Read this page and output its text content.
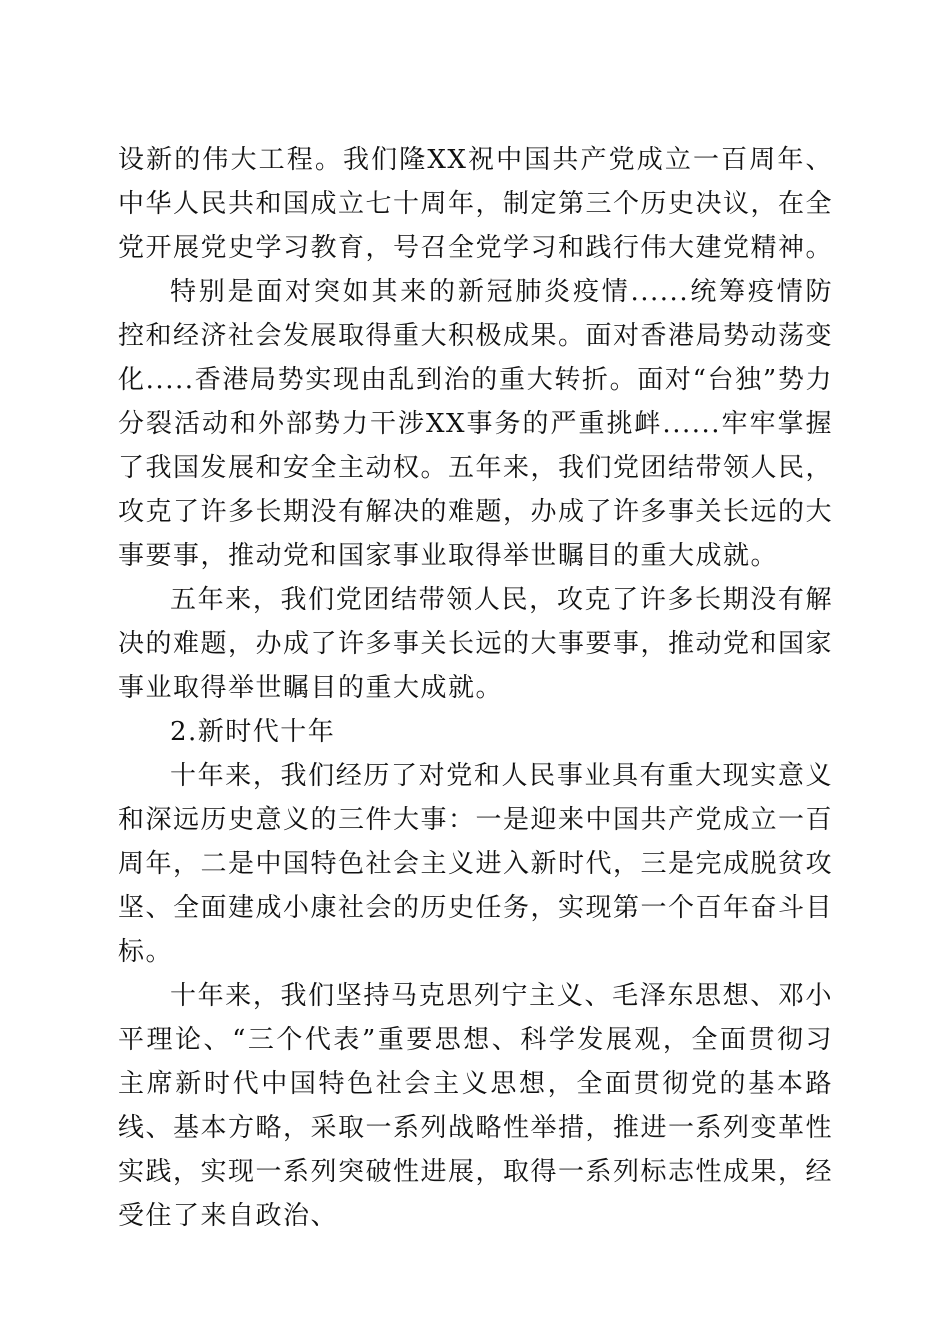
设新的伟大工程。我们隆XX祝中国共产党成立一百周年、中华人民共和国成立七十周年，制定第三个历史决议，在全党开展党史学习教育，号召全党学习和践行伟大建党精神。

特别是面对突如其来的新冠肺炎疫情......统筹疫情防控和经济社会发展取得重大积极成果。面对香港局势动荡变化.....香港局势实现由乱到治的重大转折。面对“台独”势力分裂活动和外部势力干涉XX事务的严重挑衅......牢牢掌握了我国发展和安全主动权。五年来，我们党团结带领人民，攻克了许多长期没有解决的难题，办成了许多事关长远的大事要事，推动党和国家事业取得举世瞩目的重大成就。

五年来，我们党团结带领人民，攻克了许多长期没有解决的难题，办成了许多事关长远的大事要事，推动党和国家事业取得举世瞩目的重大成就。

2.新时代十年

十年来，我们经历了对党和人民事业具有重大现实意义和深远历史意义的三件大事：一是迎来中国共产党成立一百周年，二是中国特色社会主义进入新时代，三是完成脱贫攻坚、全面建成小康社会的历史任务，实现第一个百年奋斗目标。

十年来，我们坚持马克思列宁主义、毛泽东思想、邓小平理论、“三个代表”重要思想、科学发展观，全面贯彻习主席新时代中国特色社会主义思想，全面贯彻党的基本路线、基本方略，采取一系列战略性举措，推进一系列变革性实践，实现一系列突破性进展，取得一系列标志性成果，经受住了来自政治、
